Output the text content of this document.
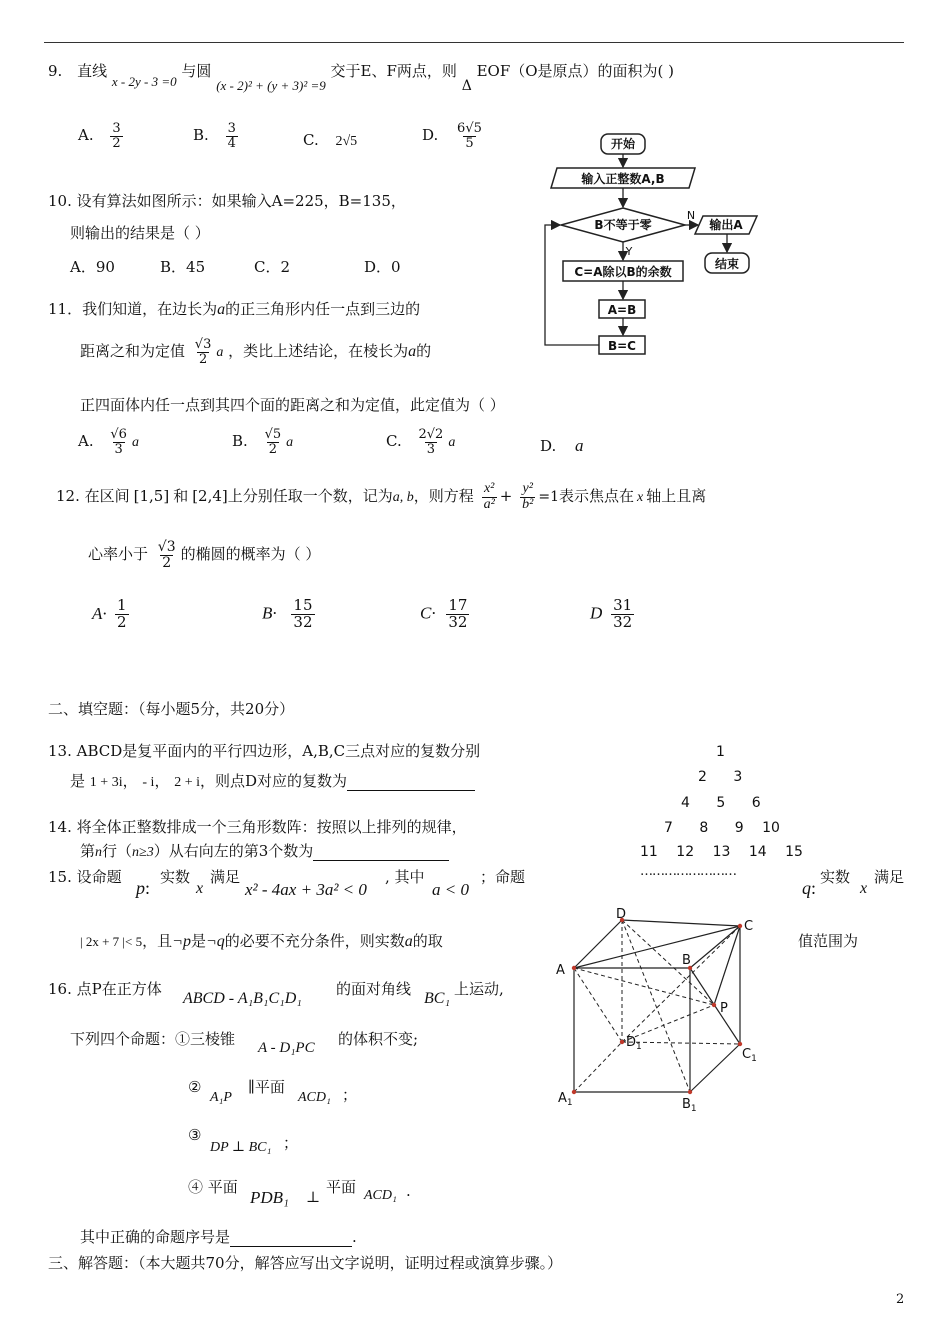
9. 直线 x - 2y - 3 =0 与圆 (x - 2)² + (y + 3)² =9 交于E、F两点，则 Δ EOF（O是原点）的面积为( )
A. $\frac{3}{2}$	B. $\frac{3}{4}$	C. 2√5	D. $\frac{6√5}{5}$
10. 设有算法如图所示：如果输入A=225，B=135，
则输出的结果是（ ）
A．90	B．45	C．2	D．0
开始
输入正整数A,B
B不等于零
N
Y
输出A
结束
C=A除以B的余数
A=B
B=C
11．我们知道，在边长为a的正三角形内任一点到三边的
距离之和为定值 $\frac{√3}{2}$ a ，类比上述结论，在棱长为a的
正四面体内任一点到其四个面的距离之和为定值，此定值为（ ）
A. $\frac{√6}{3}$ a	B. $\frac{√5}{2}$ a	C. $\frac{2√2}{3}$ a	D. a
12. 在区间 [1,5] 和 [2,4]上分别任取一个数，记为a, b，则方程 $\frac{\text{x²}}{\text{a²}} + \frac{\text{y²}}{\text{b²}} =1$表示焦点在 x 轴上且离
心率小于 $\frac{√3}{2}$ 的椭圆的概率为（ ）
$A\cdot \frac{1}{2}$	$B\cdot \frac{15}{32}$	$C\cdot \frac{17}{32}$	D $\frac{31}{32}$
二、填空题：（每小题5分，共20分）
13. ABCD是复平面内的平行四边形，A,B,C三点对应的复数分别
是 1 + 3i， - i， 2 + i，则点D对应的复数为
1
2 3
4 5 6
7 8 9 10
11 12 13 14 15
……………………
14. 将全体正整数排成一个三角形数阵：按照以上排列的规律，
第n行（n≥3）从右向左的第3个数为
15. 设命题
p:
实数
x
满足
x² - 4ax + 3a² < 0
, 其中
a < 0
；命题
q:
实数
x
满足
| 2x + 7 |< 5，且¬p是¬q的必要不充分条件，则实数a的取	值范围为
D
C
A
B
P
$D_1$	$C_1$
$A_1$	$B_1$
16. 点P在正方体
ABCD - A₁B₁C₁D₁
的面对角线
BC₁
上运动,
下列四个命题：①三棱锥 A - D₁PC 的体积不变;
②
A₁P
∥平面
ACD₁ ；
③
DP ⊥ BC₁ ；
④ 平面
PDB₁ ⊥
平面 ACD₁ .
其中正确的命题序号是	.
三、解答题：（本大题共70分，解答应写出文字说明，证明过程或演算步骤。）
2
